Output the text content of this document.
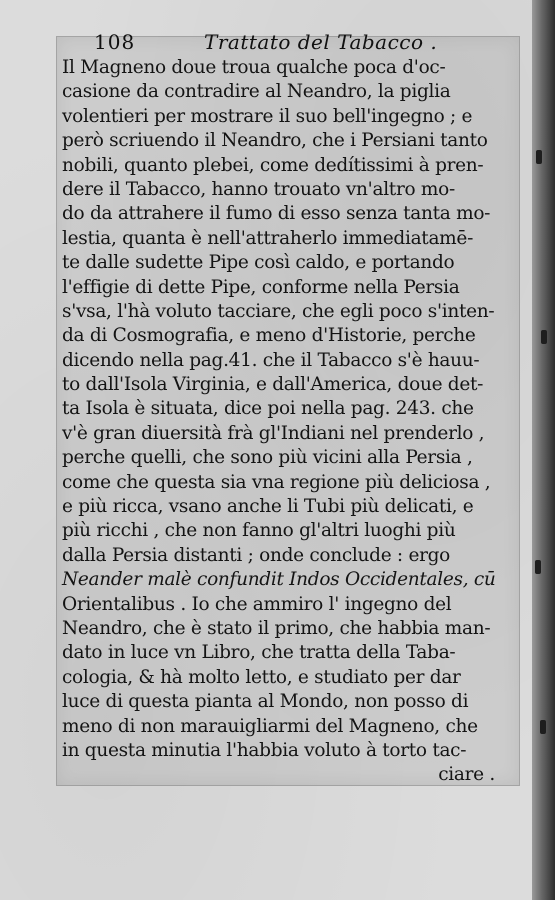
108	Trattato del Tabacco .
Il Magneno doue troua qualche poca d'oc-
casione da contradire al Neandro, la piglia
volentieri per mostrare il suo bell'ingegno ; e
però scriuendo il Neandro, che i Persiani tanto
nobili, quanto plebei, come dedítissimi à pren-
dere il Tabacco, hanno trouato vn'altro mo-
do da attrahere il fumo di esso senza tanta mo-
lestia, quanta è nell'attraherlo immediatamē-
te dalle sudette Pipe così caldo, e portando
l'effigie di dette Pipe, conforme nella Persia
s'vsa, l'hà voluto tacciare, che egli poco s'inten-
da di Cosmografia, e meno d'Historie, perche
dicendo nella pag.41. che il Tabacco s'è hauu-
to dall'Isola Virginia, e dall'America, doue det-
ta Isola è situata, dice poi nella pag. 243. che
v'è gran diuersità frà gl'Indiani nel prenderlo ,
perche quelli, che sono più vicini alla Persia ,
come che questa sia vna regione più deliciosa ,
e più ricca, vsano anche li Tubi più delicati, e
più ricchi , che non fanno gl'altri luoghi più
dalla Persia distanti ; onde conclude : ergo
Neander malè confundit Indos Occidentales, cū
Orientalibus . Io che ammiro l' ingegno del
Neandro, che è stato il primo, che habbia man-
dato in luce vn Libro, che tratta della Taba-
cologia, & hà molto letto, e studiato per dar
luce di questa pianta al Mondo, non posso di
meno di non marauigliarmi del Magneno, che
in questa minutia l'habbia voluto à torto tac-
ciare .
